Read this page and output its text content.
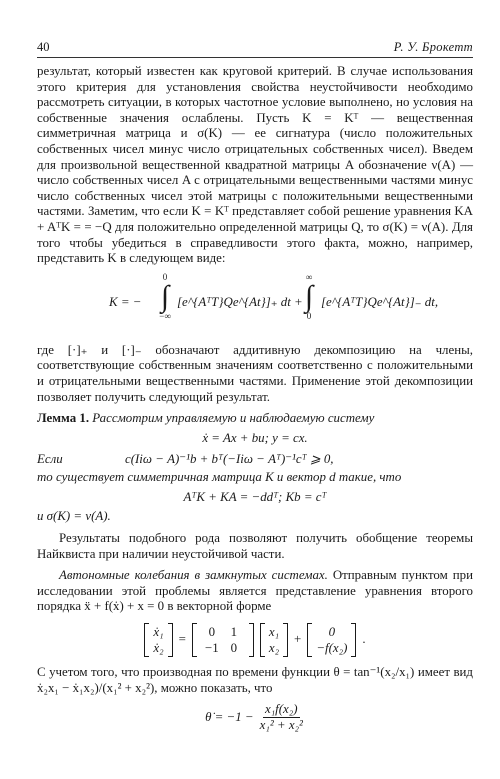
40	Р. У. Брокетт

результат, который известен как круговой критерий. В случае использования этого критерия для установления свойства неустойчивости необходимо рассмотреть ситуации, в которых частотное условие выполнено, но условия на собственные значения ослаблены. Пусть K = Kᵀ — вещественная симметричная матрица и σ(K) — ее сигнатура (число положительных собственных чисел минус число отрицательных собственных чисел). Введем для произвольной вещественной квадратной матрицы A обозначение ν(A) — число собственных чисел A с отрицательными вещественными частями минус число собственных чисел этой матрицы с положительными вещественными частями. Заметим, что если K = Kᵀ представляет собой решение уравнения KA + AᵀK = = −Q для положительно определенной матрицы Q, то σ(K) = ν(A). Для того чтобы убедиться в справедливости этого факта, можно, например, представить K в следующем виде:

K = −
0
∫
−∞
[e^{AᵀT}Qe^{At}]₊ dt +
∞
∫
0
[e^{AᵀT}Qe^{At}]₋ dt,

где [·]₊ и [·]₋ обозначают аддитивную декомпозицию на члены, соответствующие собственным значениям соответственно с положительными и отрицательными вещественными частями. Применение этой декомпозиции позволяет получить следующий результат.

Лемма 1. Рассмотрим управляемую и наблюдаемую систему

ẋ = Ax + bu; y = cx.

Если	c(Iiω − A)⁻¹b + bᵀ(−Iiω − Aᵀ)⁻¹cᵀ ⩾ 0,

то существует симметричная матрица K и вектор d такие, что

AᵀK + KA = −ddᵀ; Kb = cᵀ

и σ(K) = ν(A).

Результаты подобного рода позволяют получить обобщение теоремы Найквиста при наличии неустойчивой части.

Автономные колебания в замкнутых системах. Отправным пунктом при исследовании этой проблемы является представление уравнения второго порядка ẍ + f(ẋ) + x = 0 в векторной форме

ẋ₁
ẋ₂
=
0	1
−1 0
x₁
x₂
+
0
−f(x₂)
.

С учетом того, что производная по времени функции θ = tan⁻¹(x₂/x₁) имеет вид ẋ₂x₁ − ẋ₁x₂)/(x₁² + x₂²), можно показать, что

θ̇ = $-1 - \frac{\text{x₁f(x₂)}}{\text{x₁² + x₂²}}$
